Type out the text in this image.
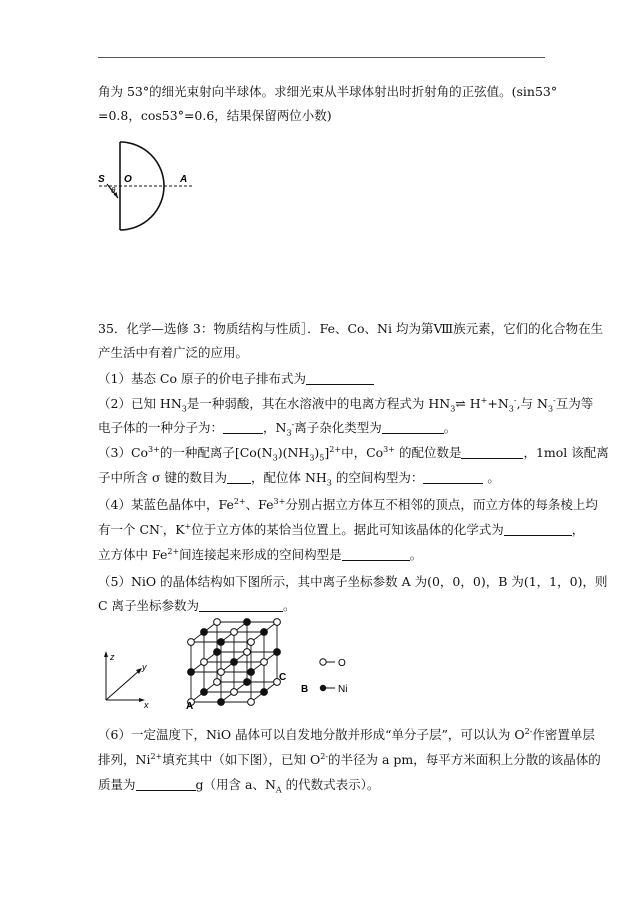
角为 53°的细光束射向半球体。求细光束从半球体射出时折射角的正弦值。(sin53°
=0.8，cos53°=0.6，结果保留两位小数)
S
θ
O	A
35．化学—选修 3：物质结构与性质］．Fe、Co、Ni 均为第Ⅷ族元素，它们的化合物在生
产生活中有着广泛的应用。
（1）基态 Co 原子的价电子排布式为
（2）已知 $HN_3$是一种弱酸，其在水溶液中的电离方程式为 $HN_3\rightleftharpoons$ $H^++N_3^-$,与 $N_3^-$互为等
电子体的一种分子为：	，$N_3^-$离子杂化类型为	。
$(3)Co^{3+}$的一种配离子$[Co(N_3)(NH_3)_5]^{2+}$中，$Co^{3+}$ 的配位数是	，1mol 该配离
子中所含 σ 键的数目为 ，配位体 $NH_3$ 的空间构型为：	。
（4）某蓝色晶体中，$Fe^{2+}$、$Fe^{3+}$分别占据立方体互不相邻的顶点，而立方体的每条棱上均
有一个 CN-，K+位于立方体的某恰当位置上。据此可知该晶体的化学式为	，
立方体中 $Fe^{2+}$间连接起来形成的空间构型是	。
（5）NiO 的晶体结构如下图所示，其中离子坐标参数 A 为(0，0，0)，B 为(1，1，0)，则
C 离子坐标参数为	。
z
y
x	A
B
C
O
Ni
（6）一定温度下，NiO 晶体可以自发地分散并形成“单分子层”，可以认为 $O^{2-}$作密置单层
排列，$Ni^{2+}$填充其中（如下图），已知 $O^{2-}$的半径为 a pm，每平方米面积上分散的该晶体的
质量为	g（用含 a、$N_A$ 的代数式表示）。
